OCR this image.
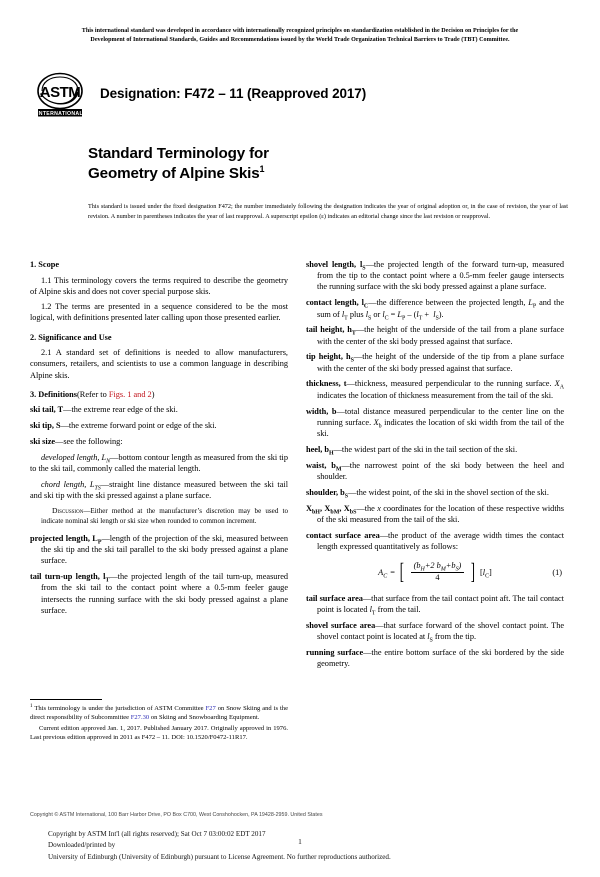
This international standard was developed in accordance with internationally recognized principles on standardization established in the Decision on Principles for the
Development of International Standards, Guides and Recommendations issued by the World Trade Organization Technical Barriers to Trade (TBT) Committee.
ASTM
INTERNATIONAL
Designation: F472 – 11 (Reapproved 2017)
Standard Terminology for
Geometry of Alpine Skis$^1$

This standard is issued under the fixed designation F472; the number immediately following the designation indicates the year of original adoption or, in the case of revision, the year of last revision. A number in parentheses indicates the year of last reapproval. A superscript epsilon (ε) indicates an editorial change since the last revision or reapproval.

1. Scope

1.1 This terminology covers the terms required to describe the geometry of Alpine skis and does not cover special purpose skis.

1.2 The terms are presented in a sequence considered to be the most logical, with definitions presented later calling upon those presented earlier.

2. Significance and Use

2.1 A standard set of definitions is needed to allow manufacturers, consumers, retailers, and scientists to use a common language in describing Alpine skis.

3. Definitions(Refer to Figs. 1 and 2)

ski tail, T—the extreme rear edge of the ski.

ski tip, S—the extreme forward point or edge of the ski.

ski size—see the following:

developed length, $L_N—bottom$ contour length as measured from the ski tip to the ski tail, commonly called the material length.

chord length, $L_{TS}—straight$ line distance measured between the ski tail and ski tip with the ski pressed against a plane surface.

Discussion—Either method at the manufacturer’s discretion may be used to indicate nominal ski length or ski size when rounded to common increment.

projected length, $L_P—length$ of the projection of the ski, measured between the ski tip and the ski tail parallel to the ski body pressed against a plane surface.

tail turn-up length, $l_T—the$ projected length of the tail turn-up, measured from the ski tail to the contact point where a 0.5-mm feeler gauge intersects the running surface with the ski body pressed against a plane surface.

shovel length, $l_S—the$ projected length of the forward turn-up, measured from the tip to the contact point where a 0.5-mm feeler gauge intersects the running surface with the ski body pressed against a plane surface.

contact length, $l_C—the$ difference between the projected length, $L_P$ and the sum of $l_T$ plus $l_S$ or $l_C = L_P - (l_T + l_S)$.

tail height, $h_T—the$ height of the underside of the tail from a plane surface with the center of the ski body pressed against that surface.

tip height, $h_S—the$ height of the underside of the tip from a plane surface with the center of the ski body pressed against that surface.

thickness, t—thickness, measured perpendicular to the running surface. $X_A$ indicates the location of thickness measurement from the tail of the ski.

width, b—total distance measured perpendicular to the center line on the running surface. $X_b$ indicates the location of ski width from the tail of the ski.

heel, $b_H—the$ widest part of the ski in the tail section of the ski.

waist, $b_M—the$ narrowest point of the ski body between the heel and shoulder.

shoulder, $b_S—the$ widest point, of the ski in the shovel section of the ski.

$X_{bH}$, $X_{bM}$, $X_{bS}—the$ x coordinates for the location of these respective widths of the ski measured from the tail of the ski.

contact surface area—the product of the average width times the contact length expressed quantitatively as follows:

$A_C$ = [ $\frac{(b_H+2 b_M+b_S)}{4}$ ] $[l_C]$	(1)

tail surface area—that surface from the tail contact point aft. The tail contact point is located $l_T$ from the tail.

shovel surface area—that surface forward of the shovel contact point. The shovel contact point is located at $l_S$ from the tip.

running surface—the entire bottom surface of the ski bordered by the side geometry.

$^1$ This terminology is under the jurisdiction of ASTM Committee F27 on Snow Skiing and is the direct responsibility of Subcommittee F27.30 on Skiing and Snowboarding Equipment.

Current edition approved Jan. 1, 2017. Published January 2017. Originally approved in 1976. Last previous edition approved in 2011 as F472 – 11. DOI: 10.1520/F0472-11R17.

1

Copyright © ASTM International, 100 Barr Harbor Drive, PO Box C700, West Conshohocken, PA 19428-2959. United States

Copyright by ASTM Int'l (all rights reserved); Sat Oct 7 03:00:02 EDT 2017
Downloaded/printed by
University of Edinburgh (University of Edinburgh) pursuant to License Agreement. No further reproductions authorized.
